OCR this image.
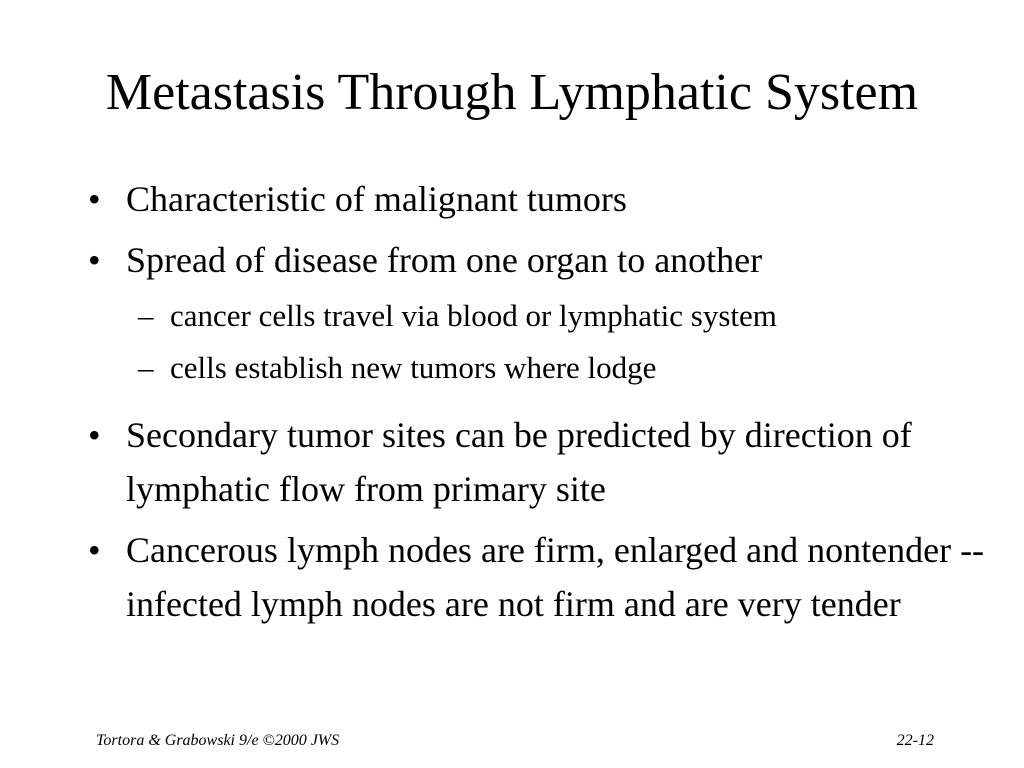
Metastasis Through Lymphatic System
• Characteristic of malignant tumors
• Spread of disease from one organ to another
– cancer cells travel via blood or lymphatic system
– cells establish new tumors where lodge
• Secondary tumor sites can be predicted by direction of lymphatic flow from primary site
• Cancerous lymph nodes are firm, enlarged and nontender -- infected lymph nodes are not firm and are very tender
Tortora & Grabowski 9/e ©2000 JWS	22-12
